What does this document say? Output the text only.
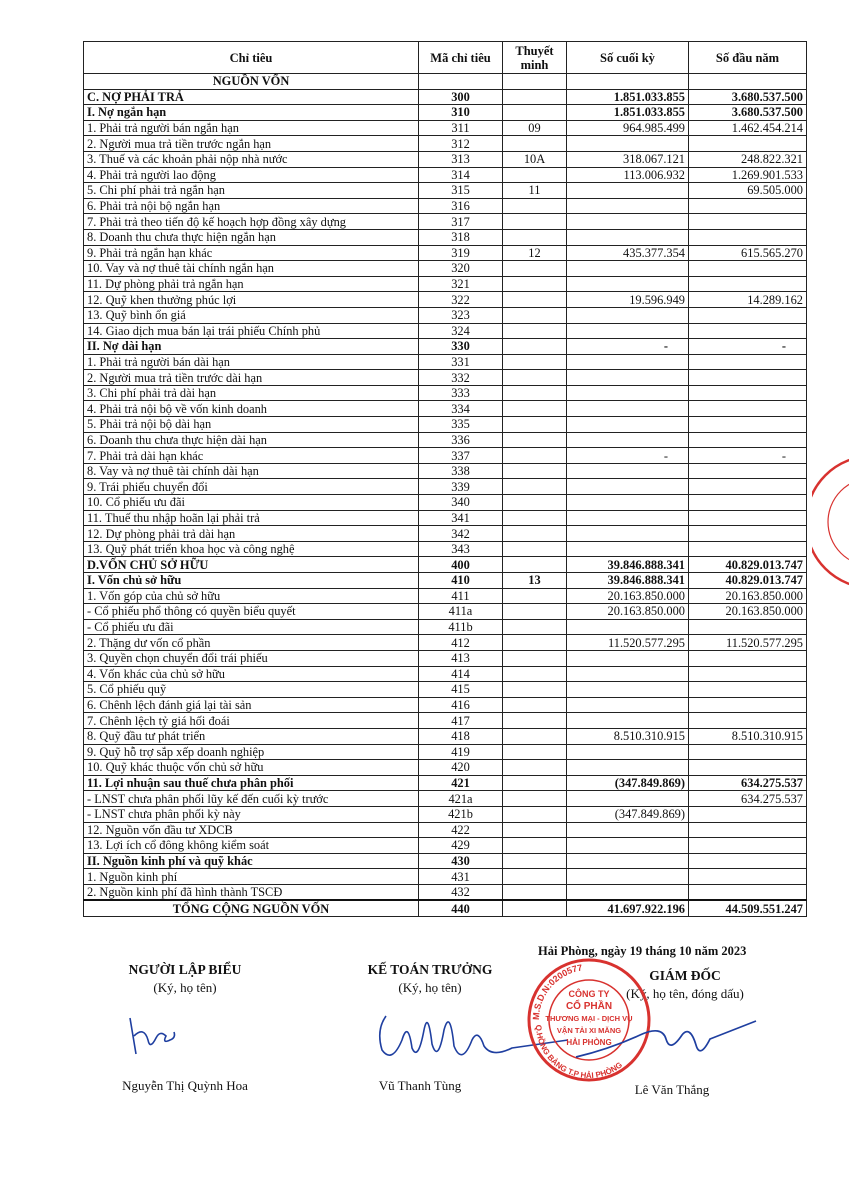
Chỉ tiêu	Mã chỉ tiêu	Thuyết minh	Số cuối kỳ	Số đầu năm
NGUỒN VỐN				
C. NỢ PHẢI TRẢ	300		1.851.033.855	3.680.537.500
I. Nợ ngắn hạn	310		1.851.033.855	3.680.537.500
1. Phải trả người bán ngắn hạn	311	09	964.985.499	1.462.454.214
2. Người mua trả tiền trước ngắn hạn	312			
3. Thuế và các khoản phải nộp nhà nước	313	10A	318.067.121	248.822.321
4. Phải trả người lao động	314		113.006.932	1.269.901.533
5. Chi phí phải trả ngắn hạn	315	11		69.505.000
6. Phải trả nội bộ ngắn hạn	316			
7. Phải trả theo tiến độ kế hoạch hợp đồng xây dựng	317			
8. Doanh thu chưa thực hiện ngắn hạn	318			
9. Phải trả ngắn hạn khác	319	12	435.377.354	615.565.270
10. Vay và nợ thuê tài chính ngắn hạn	320			
11. Dự phòng phải trả ngắn hạn	321			
12. Quỹ khen thưởng phúc lợi	322		19.596.949	14.289.162
13. Quỹ bình ổn giá	323			
14. Giao dịch mua bán lại trái phiếu Chính phủ	324			
II. Nợ dài hạn	330		-	-
1. Phải trả người bán dài hạn	331			
2. Người mua trả tiền trước dài hạn	332			
3. Chi phí phải trả dài hạn	333			
4. Phải trả nội bộ về vốn kinh doanh	334			
5. Phải trả nội bộ dài hạn	335			
6. Doanh thu chưa thực hiện dài hạn	336			
7. Phải trả dài hạn khác	337		-	-
8. Vay và nợ thuê tài chính dài hạn	338			
9. Trái phiếu chuyển đổi	339			
10. Cổ phiếu ưu đãi	340			
11. Thuế thu nhập hoãn lại phải trả	341			
12. Dự phòng phải trả dài hạn	342			
13. Quỹ phát triển khoa học và công nghệ	343			
D.VỐN CHỦ SỞ HỮU	400		39.846.888.341	40.829.013.747
I. Vốn chủ sở hữu	410	13	39.846.888.341	40.829.013.747
1. Vốn góp của chủ sở hữu	411		20.163.850.000	20.163.850.000
- Cổ phiếu phổ thông có quyền biểu quyết	411a		20.163.850.000	20.163.850.000
- Cổ phiếu ưu đãi	411b			
2. Thặng dư vốn cổ phần	412		11.520.577.295	11.520.577.295
3. Quyền chọn chuyển đổi trái phiếu	413			
4. Vốn khác của chủ sở hữu	414			
5. Cổ phiếu quỹ	415			
6. Chênh lệch đánh giá lại tài sản	416			
7. Chênh lệch tỷ giá hối đoái	417			
8. Quỹ đầu tư phát triển	418		8.510.310.915	8.510.310.915
9. Quỹ hỗ trợ sắp xếp doanh nghiệp	419			
10. Quỹ khác thuộc vốn chủ sở hữu	420			
11. Lợi nhuận sau thuế chưa phân phối	421		(347.849.869)	634.275.537
- LNST chưa phân phối lũy kế đến cuối kỳ trước	421a			634.275.537
- LNST chưa phân phối kỳ này	421b		(347.849.869)	
12. Nguồn vốn đầu tư XDCB	422			
13. Lợi ích cổ đông không kiểm soát	429			
II. Nguồn kinh phí và quỹ khác	430			
1. Nguồn kinh phí	431			
2. Nguồn kinh phí đã hình thành TSCĐ	432			
TỔNG CỘNG NGUỒN VỐN	440		41.697.922.196	44.509.551.247
Hải Phòng, ngày 19 tháng 10 năm 2023
NGƯỜI LẬP BIỂU
(Ký, họ tên)
Nguyễn Thị Quỳnh Hoa
KẾ TOÁN TRƯỞNG
(Ký, họ tên)
Vũ Thanh Tùng
GIÁM ĐỐC
(Ký, họ tên, đóng dấu)
M.S.D.N:0200577
Q.HỒNG BÀNG T.P HẢI PHÒNG
CÔNG TY
CỔ PHẦN
THƯƠNG MẠI - DỊCH VỤ
VẬN TẢI XI MĂNG
HẢI PHÒNG
Lê Văn Thắng
